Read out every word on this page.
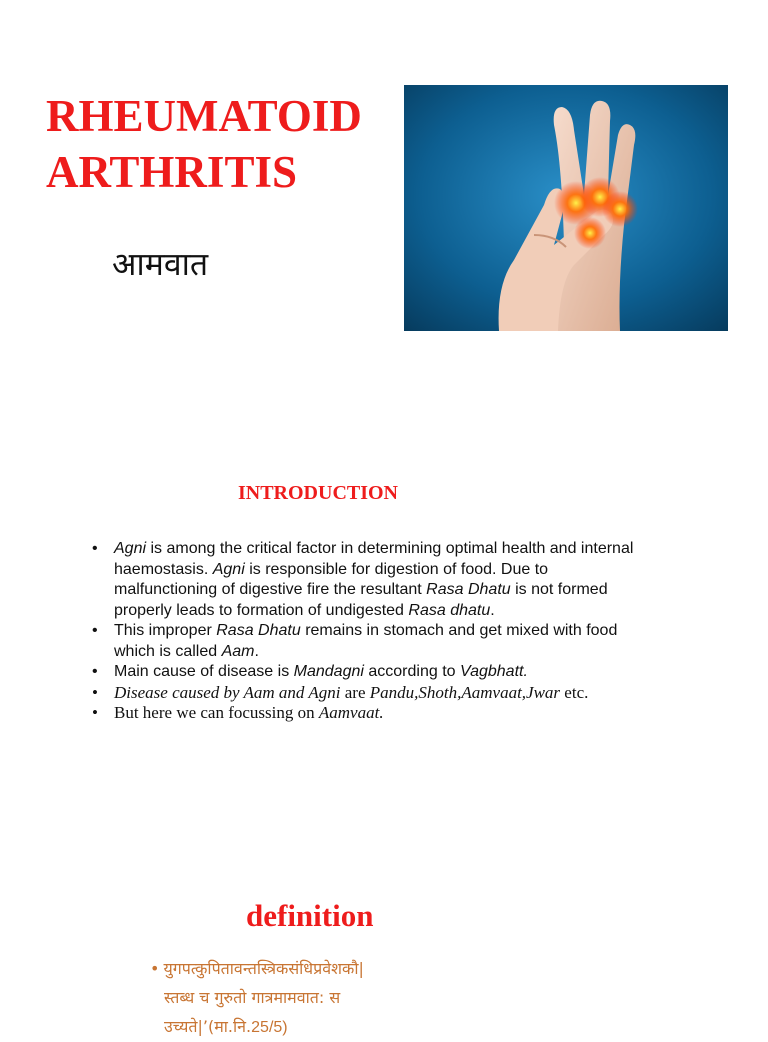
RHEUMATOID
ARTHRITIS
आमवात
INTRODUCTION
• Agni is among the critical factor in determining optimal health and internal haemostasis. Agni is responsible for digestion of food. Due to malfunctioning of digestive fire the resultant Rasa Dhatu is not formed properly leads to formation of undigested Rasa dhatu.
• This improper Rasa Dhatu remains in stomach and get mixed with food which is called Aam.
• Main cause of disease is Mandagni according to Vagbhatt.
• Disease caused by Aam and Agni are Pandu,Shoth,Aamvaat,Jwar etc.
• But here we can focussing on Aamvaat.
definition
• युगपत्कुपितावन्तस्त्रिकसंधिप्रवेशकौ|
स्तब्ध च गुरुतो गात्रमामवात: स
उच्यते|’(मा.नि.25/5)
